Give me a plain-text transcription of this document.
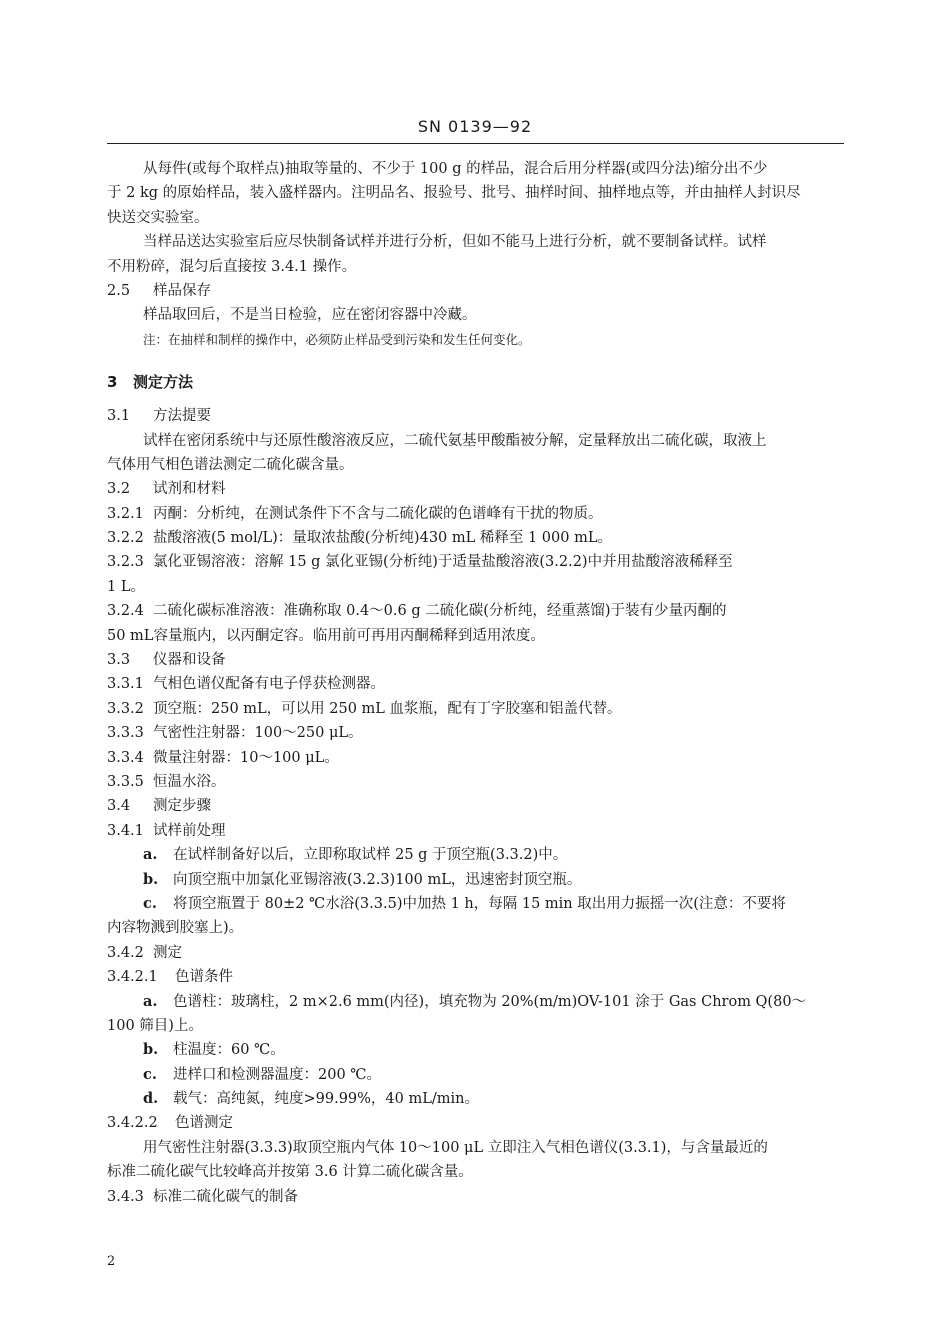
SN 0139—92
从每件(或每个取样点)抽取等量的、不少于 100 g 的样品，混合后用分样器(或四分法)缩分出不少
于 2 kg 的原始样品，装入盛样器内。注明品名、报验号、批号、抽样时间、抽样地点等，并由抽样人封识尽
快送交实验室。
当样品送达实验室后应尽快制备试样并进行分析，但如不能马上进行分析，就不要制备试样。试样
不用粉碎，混匀后直接按 3.4.1 操作。
2.5 样品保存
样品取回后，不是当日检验，应在密闭容器中冷藏。
注：在抽样和制样的操作中，必须防止样品受到污染和发生任何变化。
3 测定方法
3.1 方法提要
试样在密闭系统中与还原性酸溶液反应，二硫代氨基甲酸酯被分解，定量释放出二硫化碳，取液上
气体用气相色谱法测定二硫化碳含量。
3.2 试剂和材料
3.2.1 丙酮：分析纯，在测试条件下不含与二硫化碳的色谱峰有干扰的物质。
3.2.2 盐酸溶液(5 mol/L)：量取浓盐酸(分析纯)430 mL 稀释至 1 000 mL。
3.2.3 氯化亚锡溶液：溶解 15 g 氯化亚锡(分析纯)于适量盐酸溶液(3.2.2)中并用盐酸溶液稀释至
1 L。
3.2.4 二硫化碳标准溶液：准确称取 0.4～0.6 g 二硫化碳(分析纯，经重蒸馏)于装有少量丙酮的
50 mL容量瓶内，以丙酮定容。临用前可再用丙酮稀释到适用浓度。
3.3 仪器和设备
3.3.1 气相色谱仪配备有电子俘获检测器。
3.3.2 顶空瓶：250 mL，可以用 250 mL 血浆瓶，配有丁字胶塞和铝盖代替。
3.3.3 气密性注射器：100～250 μL。
3.3.4 微量注射器：10～100 μL。
3.3.5 恒温水浴。
3.4 测定步骤
3.4.1 试样前处理
a. 在试样制备好以后，立即称取试样 25 g 于顶空瓶(3.3.2)中。
b. 向顶空瓶中加氯化亚锡溶液(3.2.3)100 mL，迅速密封顶空瓶。
c. 将顶空瓶置于 80±2 ℃水浴(3.3.5)中加热 1 h，每隔 15 min 取出用力振摇一次(注意：不要将
内容物溅到胶塞上)。
3.4.2 测定
3.4.2.1 色谱条件
a. 色谱柱：玻璃柱，2 m×2.6 mm(内径)，填充物为 20%(m/m)OV-101 涂于 Gas Chrom Q(80～
100 筛目)上。
b. 柱温度：60 ℃。
c. 进样口和检测器温度：200 ℃。
d. 载气：高纯氮，纯度>99.99%，40 mL/min。
3.4.2.2 色谱测定
用气密性注射器(3.3.3)取顶空瓶内气体 10～100 μL 立即注入气相色谱仪(3.3.1)，与含量最近的
标准二硫化碳气比较峰高并按第 3.6 计算二硫化碳含量。
3.4.3 标准二硫化碳气的制备
2
